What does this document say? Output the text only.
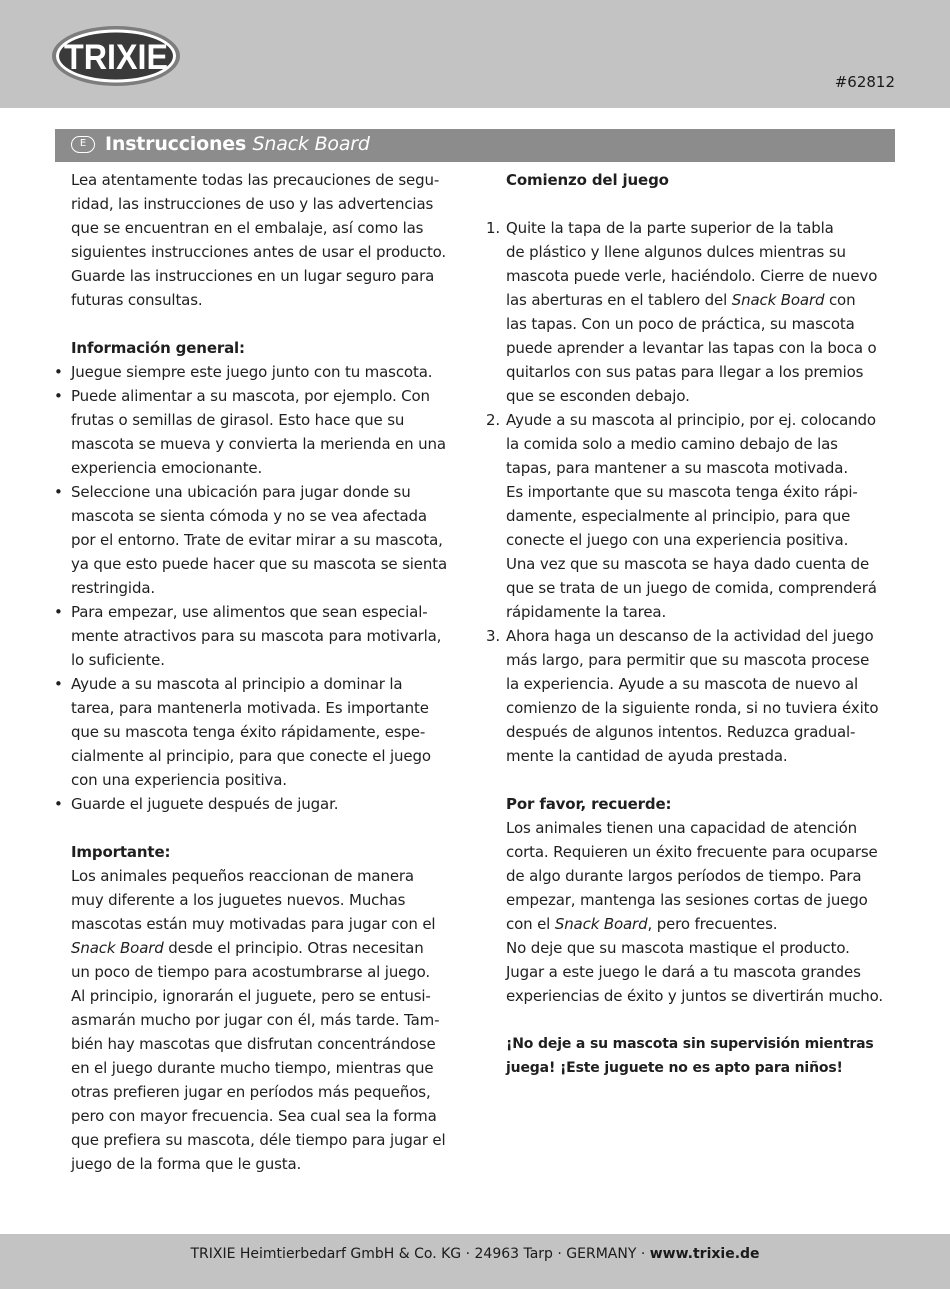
TRIXIE
#62812
E Instrucciones Snack Board

Lea atentamente todas las precauciones de segu-
ridad, las instrucciones de uso y las advertencias
que se encuentran en el embalaje, así como las
siguientes instrucciones antes de usar el producto.
Guarde las instrucciones en un lugar seguro para
futuras consultas.

Información general:

• Juegue siempre este juego junto con tu mascota.

• Puede alimentar a su mascota, por ejemplo. Con
frutas o semillas de girasol. Esto hace que su
mascota se mueva y convierta la merienda en una
experiencia emocionante.

• Seleccione una ubicación para jugar donde su
mascota se sienta cómoda y no se vea afectada
por el entorno. Trate de evitar mirar a su mascota,
ya que esto puede hacer que su mascota se sienta
restringida.

• Para empezar, use alimentos que sean especial-
mente atractivos para su mascota para motivarla,
lo suficiente.

• Ayude a su mascota al principio a dominar la
tarea, para mantenerla motivada. Es importante
que su mascota tenga éxito rápidamente, espe-
cialmente al principio, para que conecte el juego
con una experiencia positiva.

• Guarde el juguete después de jugar.

Importante:

Los animales pequeños reaccionan de manera
muy diferente a los juguetes nuevos. Muchas
mascotas están muy motivadas para jugar con el
Snack Board desde el principio. Otras necesitan
un poco de tiempo para acostumbrarse al juego.
Al principio, ignorarán el juguete, pero se entusi-
asmarán mucho por jugar con él, más tarde. Tam-
bién hay mascotas que disfrutan concentrándose
en el juego durante mucho tiempo, mientras que
otras prefieren jugar en períodos más pequeños,
pero con mayor frecuencia. Sea cual sea la forma
que prefiera su mascota, déle tiempo para jugar el
juego de la forma que le gusta.

Comienzo del juego

1. Quite la tapa de la parte superior de la tabla
de plástico y llene algunos dulces mientras su
mascota puede verle, haciéndolo. Cierre de nuevo
las aberturas en el tablero del Snack Board con
las tapas. Con un poco de práctica, su mascota
puede aprender a levantar las tapas con la boca o
quitarlos con sus patas para llegar a los premios
que se esconden debajo.

2. Ayude a su mascota al principio, por ej. colocando
la comida solo a medio camino debajo de las
tapas, para mantener a su mascota motivada.
Es importante que su mascota tenga éxito rápi-
damente, especialmente al principio, para que
conecte el juego con una experiencia positiva.
Una vez que su mascota se haya dado cuenta de
que se trata de un juego de comida, comprenderá
rápidamente la tarea.

3. Ahora haga un descanso de la actividad del juego
más largo, para permitir que su mascota procese
la experiencia. Ayude a su mascota de nuevo al
comienzo de la siguiente ronda, si no tuviera éxito
después de algunos intentos. Reduzca gradual-
mente la cantidad de ayuda prestada.

Por favor, recuerde:

Los animales tienen una capacidad de atención
corta. Requieren un éxito frecuente para ocuparse
de algo durante largos períodos de tiempo. Para
empezar, mantenga las sesiones cortas de juego
con el Snack Board, pero frecuentes.
No deje que su mascota mastique el producto.
Jugar a este juego le dará a tu mascota grandes
experiencias de éxito y juntos se divertirán mucho.

¡No deje a su mascota sin supervisión mientras
juega! ¡Este juguete no es apto para niños!

TRIXIE Heimtierbedarf GmbH & Co. KG · 24963 Tarp · GERMANY · www.trixie.de
